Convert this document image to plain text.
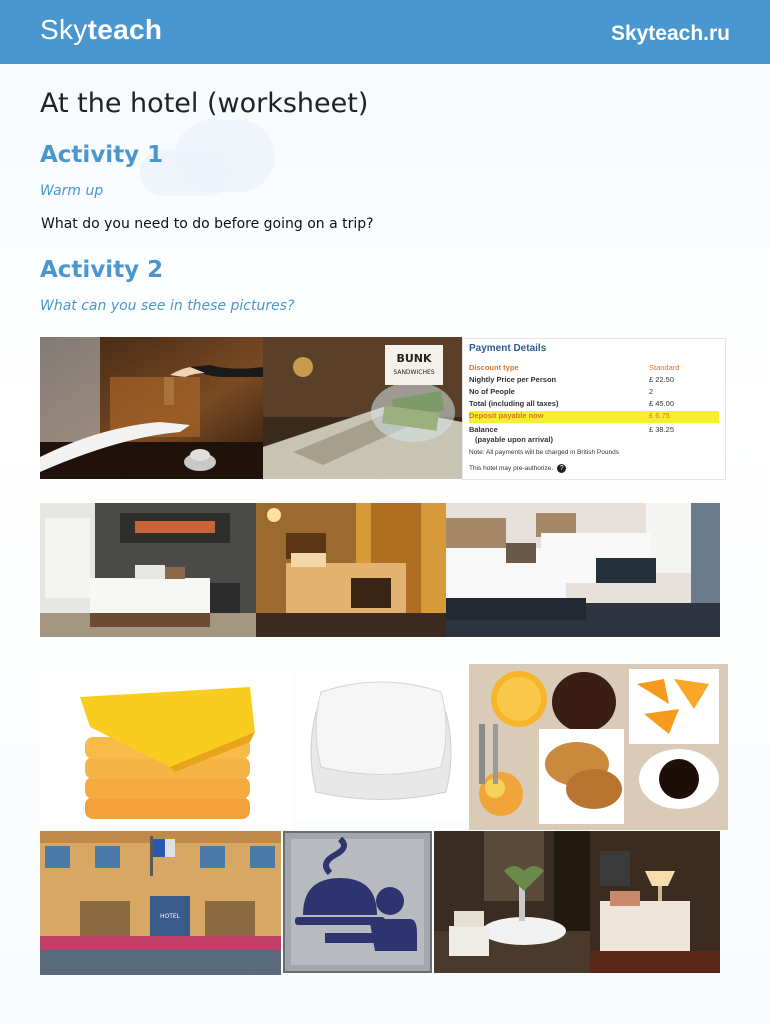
Skyteach	Skyteach.ru
At the hotel (worksheet)
Activity 1
Warm up
What do you need to do before going on a trip?
Activity 2
What can you see in these pictures?
BUNK
SANDWICHES
Payment Details
Discount type	Standard
Nightly Price per Person	£ 22.50
No of People	2
Total (including all taxes)	£ 45.00
Deposit payable now	£ 6.75
Balance	£ 38.25
(payable upon arrival)
Note: All payments will be charged in British Pounds
This hotel may pre-authorize. ?
HOTEL
